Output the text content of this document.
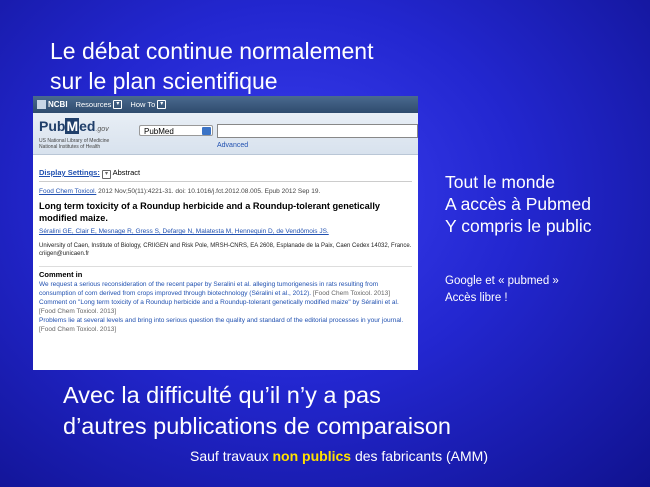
Le débat continue normalement
sur le plan scientifique
NCBI Resources ▾	How To ▾
PubMed.gov
US National Library of Medicine
National Institutes of Health
PubMed
Advanced
Display Settings: ▾ Abstract
Food Chem Toxicol. 2012 Nov;50(11):4221-31. doi: 10.1016/j.fct.2012.08.005. Epub 2012 Sep 19.
Long term toxicity of a Roundup herbicide and a Roundup-tolerant genetically modified maize.
Séralini GE, Clair E, Mesnage R, Gress S, Defarge N, Malatesta M, Hennequin D, de Vendômois JS.
University of Caen, Institute of Biology, CRIIGEN and Risk Pole, MRSH-CNRS, EA 2608, Esplanade de la Paix, Caen Cedex 14032, France. criigen@unicaen.fr
Comment in
We request a serious reconsideration of the recent paper by Seralini et al. alleging tumorigenesis in rats resulting from consumption of corn derived from crops improved through biotechnology (Séralini et al., 2012). [Food Chem Toxicol. 2013]
Comment on "Long term toxicity of a Roundup herbicide and a Roundup-tolerant genetically modified maize" by Séralini et al. [Food Chem Toxicol. 2013]
Problems lie at several levels and bring into serious question the quality and standard of the editorial processes in your journal. [Food Chem Toxicol. 2013]
Tout le monde
A accès à Pubmed
Y compris le public
Google et « pubmed »
Accès libre !
Avec la difficulté qu’il n’y a pas
d’autres publications de comparaison
Sauf travaux non publics des fabricants (AMM)
